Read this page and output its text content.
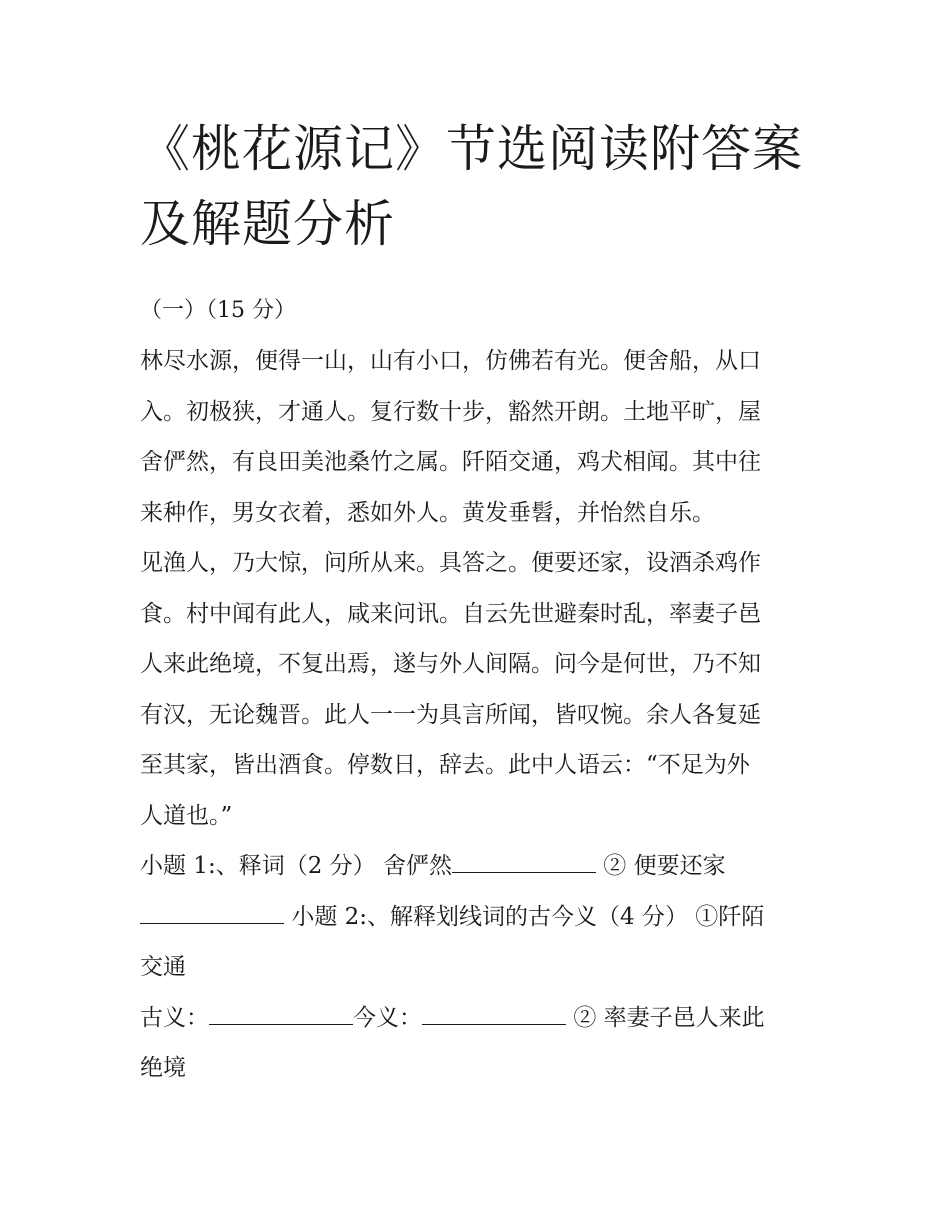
《桃花源记》节选阅读附答案
及解题分析

（一）（15 分）

林尽水源，便得一山，山有小口，仿佛若有光。便舍船，从口
入。初极狭，才通人。复行数十步，豁然开朗。土地平旷，屋
舍俨然，有良田美池桑竹之属。阡陌交通，鸡犬相闻。其中往
来种作，男女衣着，悉如外人。黄发垂髫，并怡然自乐。

见渔人，乃大惊，问所从来。具答之。便要还家，设酒杀鸡作
食。村中闻有此人，咸来问讯。自云先世避秦时乱，率妻子邑
人来此绝境，不复出焉，遂与外人间隔。问今是何世，乃不知
有汉，无论魏晋。此人一一为具言所闻，皆叹惋。余人各复延
至其家，皆出酒食。停数日，辞去。此中人语云：“不足为外
人道也。”

小题 1:、释词（2 分） 舍俨然	② 便要还家
小题 2:、解释划线词的古今义（4 分） ①阡陌
交通
古义：	今义：	② 率妻子邑人来此
绝境
